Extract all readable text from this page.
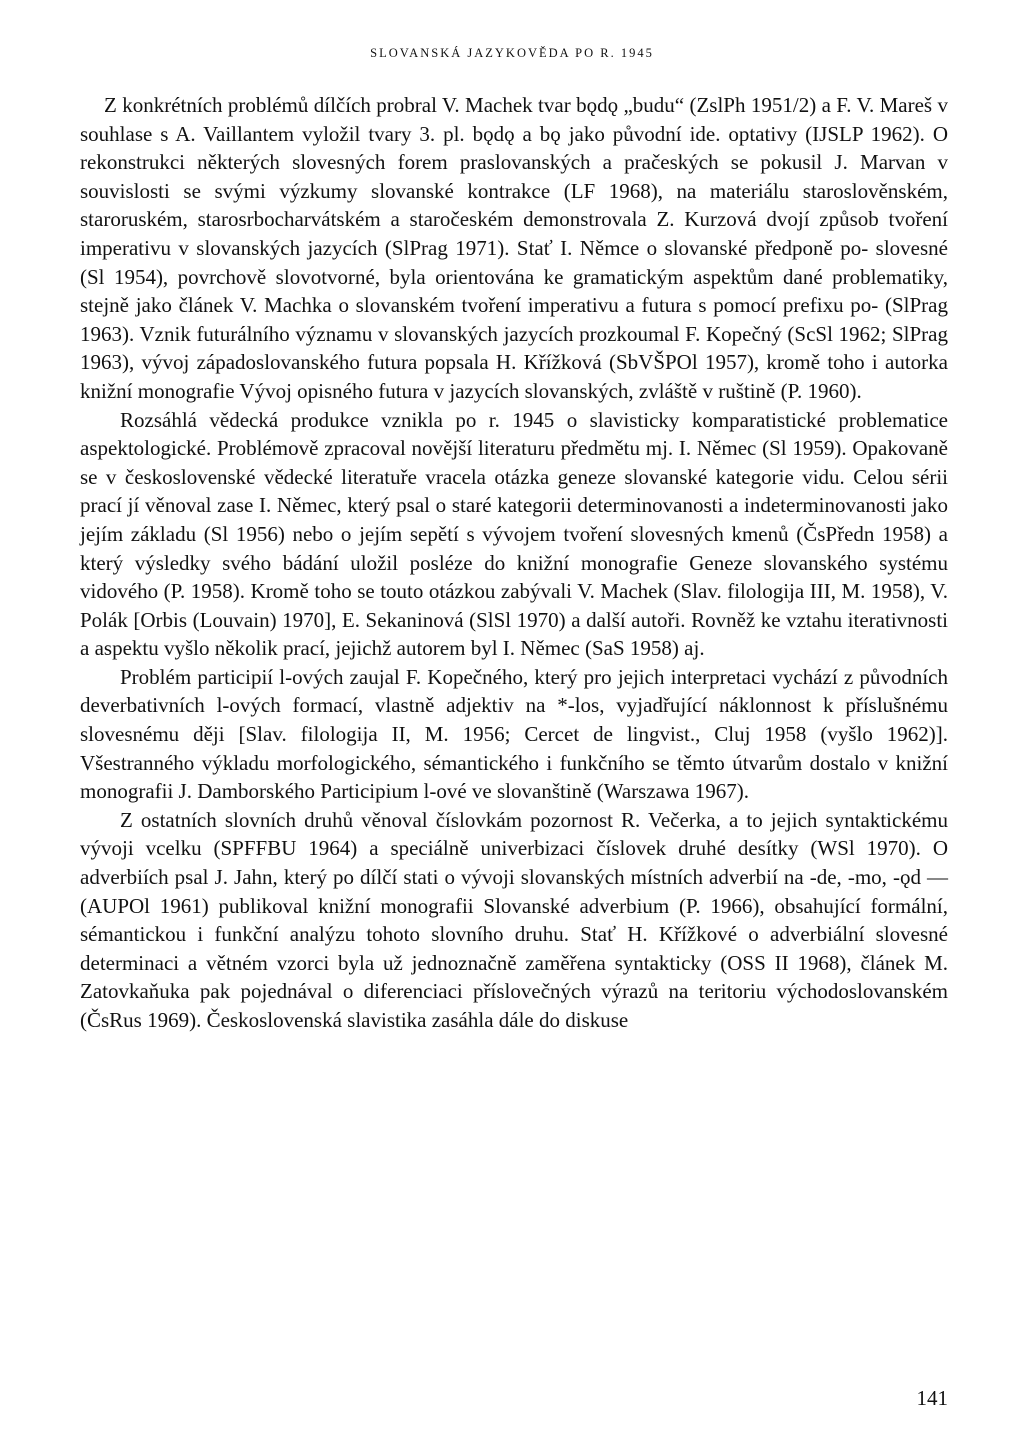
SLOVANSKÁ JAZYKOVĚDA PO R. 1945

Z konkrétních problémů dílčích probral V. Machek tvar bǫdǫ „budu“ (ZslPh 1951/2) a F. V. Mareš v souhlase s A. Vaillantem vyložil tvary 3. pl. bǫdǫ a bǫ jako původní ide. optativy (IJSLP 1962). O rekonstrukci některých slovesných forem praslovanských a pračeských se pokusil J. Marvan v souvislosti se svými výzkumy slovanské kontrakce (LF 1968), na materiálu staroslověnském, staroruském, starosrbocharvátském a staročeském demonstrovala Z. Kurzová dvojí způsob tvoření imperativu v slovanských jazycích (SlPrag 1971). Stať I. Němce o slovanské předponě po- slovesné (Sl 1954), povrchově slovotvorné, byla orientována ke gramatickým aspektům dané problematiky, stejně jako článek V. Machka o slovanském tvoření imperativu a futura s pomocí prefixu po- (SlPrag 1963). Vznik futurálního významu v slovanských jazycích prozkoumal F. Kopečný (ScSl 1962; SlPrag 1963), vývoj západoslovanského futura popsala H. Křížková (SbVŠPOl 1957), kromě toho i autorka knižní monografie Vývoj opisného futura v jazycích slovanských, zvláště v ruštině (P. 1960).

Rozsáhlá vědecká produkce vznikla po r. 1945 o slavisticky komparatistické problematice aspektologické. Problémově zpracoval novější literaturu předmětu mj. I. Němec (Sl 1959). Opakovaně se v československé vědecké literatuře vracela otázka geneze slovanské kategorie vidu. Celou sérii prací jí věnoval zase I. Němec, který psal o staré kategorii determinovanosti a indeterminovanosti jako jejím základu (Sl 1956) nebo o jejím sepětí s vývojem tvoření slovesných kmenů (ČsPředn 1958) a který výsledky svého bádání uložil posléze do knižní monografie Geneze slovanského systému vidového (P. 1958). Kromě toho se touto otázkou zabývali V. Machek (Slav. filologija III, M. 1958), V. Polák [Orbis (Louvain) 1970], E. Sekaninová (SlSl 1970) a další autoři. Rovněž ke vztahu iterativnosti a aspektu vyšlo několik prací, jejichž autorem byl I. Němec (SaS 1958) aj.

Problém participií l-ových zaujal F. Kopečného, který pro jejich interpretaci vychází z původních deverbativních l-ových formací, vlastně adjektiv na *-los, vyjadřující náklonnost k příslušnému slovesnému ději [Slav. filologija II, M. 1956; Cercet de lingvist., Cluj 1958 (vyšlo 1962)]. Všestranného výkladu morfologického, sémantického i funkčního se těmto útvarům dostalo v knižní monografii J. Damborského Participium l-ové ve slovanštině (Warszawa 1967).

Z ostatních slovních druhů věnoval číslovkám pozornost R. Večerka, a to jejich syntaktickému vývoji vcelku (SPFFBU 1964) a speciálně univerbizaci číslovek druhé desítky (WSl 1970). O adverbiích psal J. Jahn, který po dílčí stati o vývoji slovanských místních adverbií na -de, -mo, -ǫd — (AUPOl 1961) publikoval knižní monografii Slovanské adverbium (P. 1966), obsahující formální, sémantickou i funkční analýzu tohoto slovního druhu. Stať H. Křížkové o adverbiální slovesné determinaci a větném vzorci byla už jednoznačně zaměřena syntakticky (OSS II 1968), článek M. Zatovkaňuka pak pojednával o diferenciaci příslovečných výrazů na teritoriu východoslovanském (ČsRus 1969). Československá slavistika zasáhla dále do diskuse

141
